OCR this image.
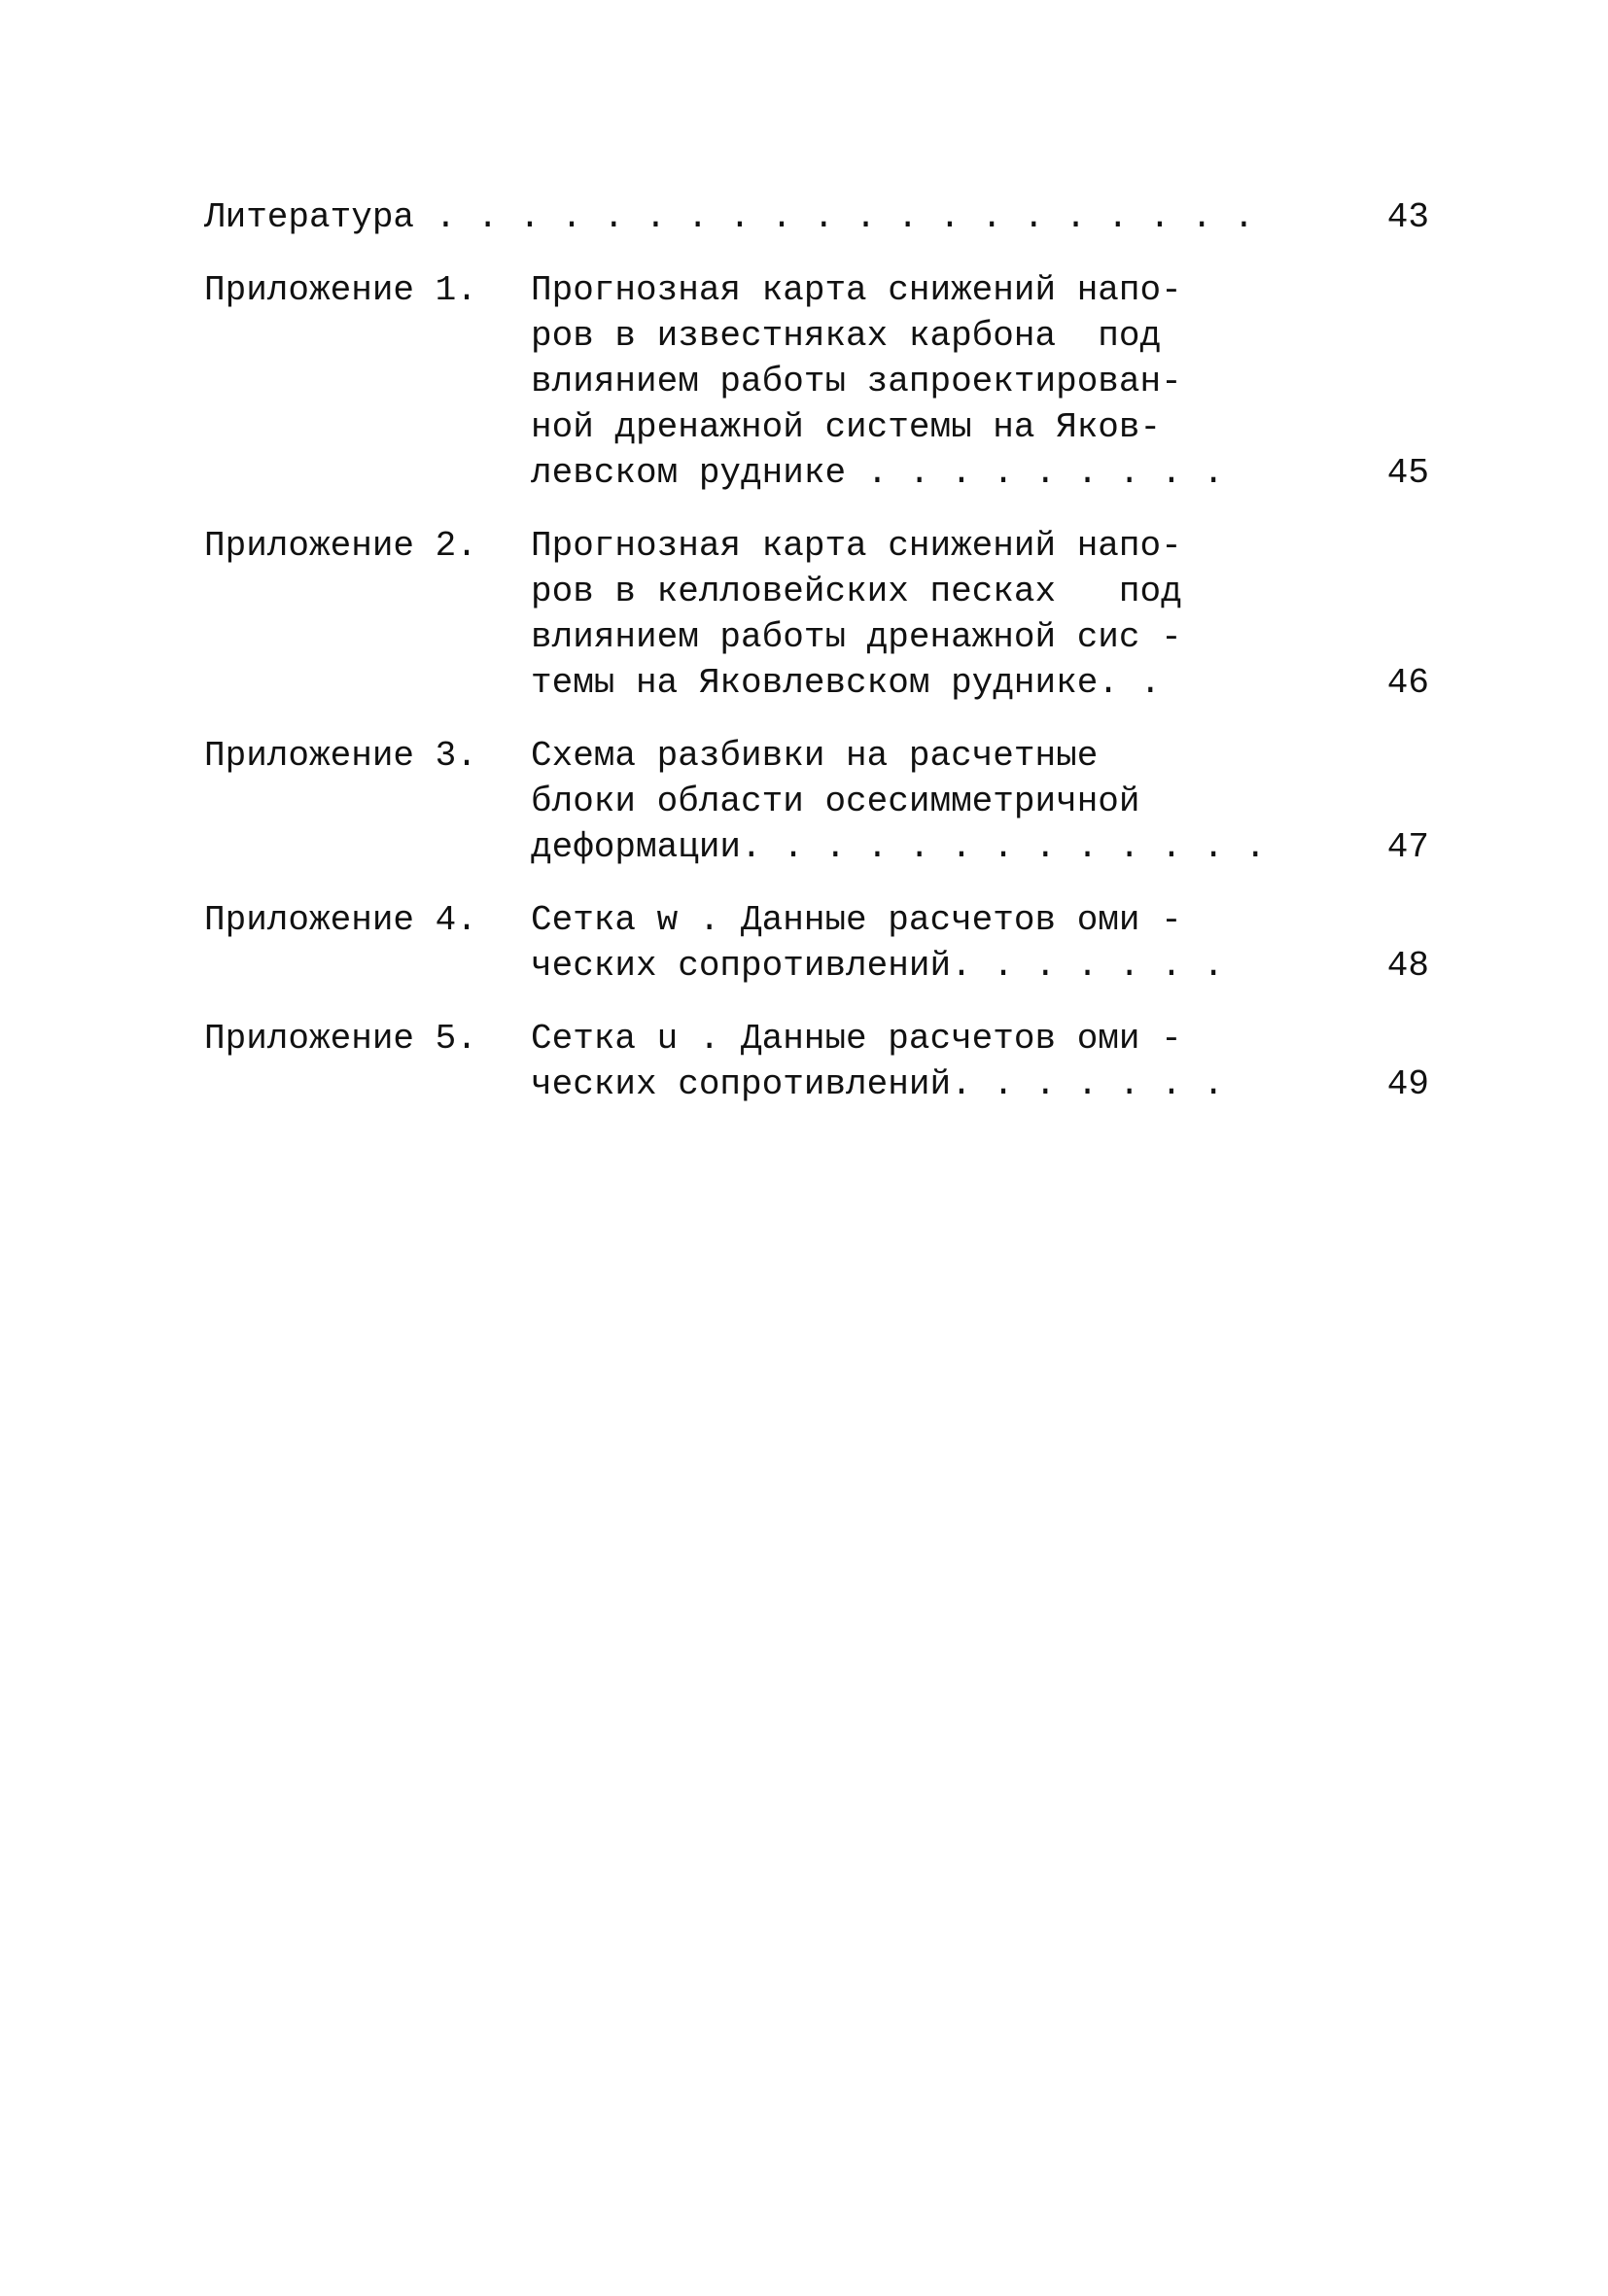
Литература . . . . . . . . . . . . . . . . . . . .	43
Приложение 1. Прогнозная карта снижений напо-
ров в известняках карбона  под
влиянием работы запроектирован-
ной дренажной системы на Яков-
левском руднике . . . . . . . . .	45
Приложение 2. Прогнозная карта снижений напо-
ров в келловейских песках   под
влиянием работы дренажной сис -
темы на Яковлевском руднике. .	46
Приложение 3. Схема разбивки на расчетные
блоки области осесимметричной
деформации. . . . . . . . . . . . .	47
Приложение 4. Сетка w . Данные расчетов оми -
ческих сопротивлений. . . . . . .	48
Приложение 5. Сетка u . Данные расчетов оми -
ческих сопротивлений. . . . . . .	49
